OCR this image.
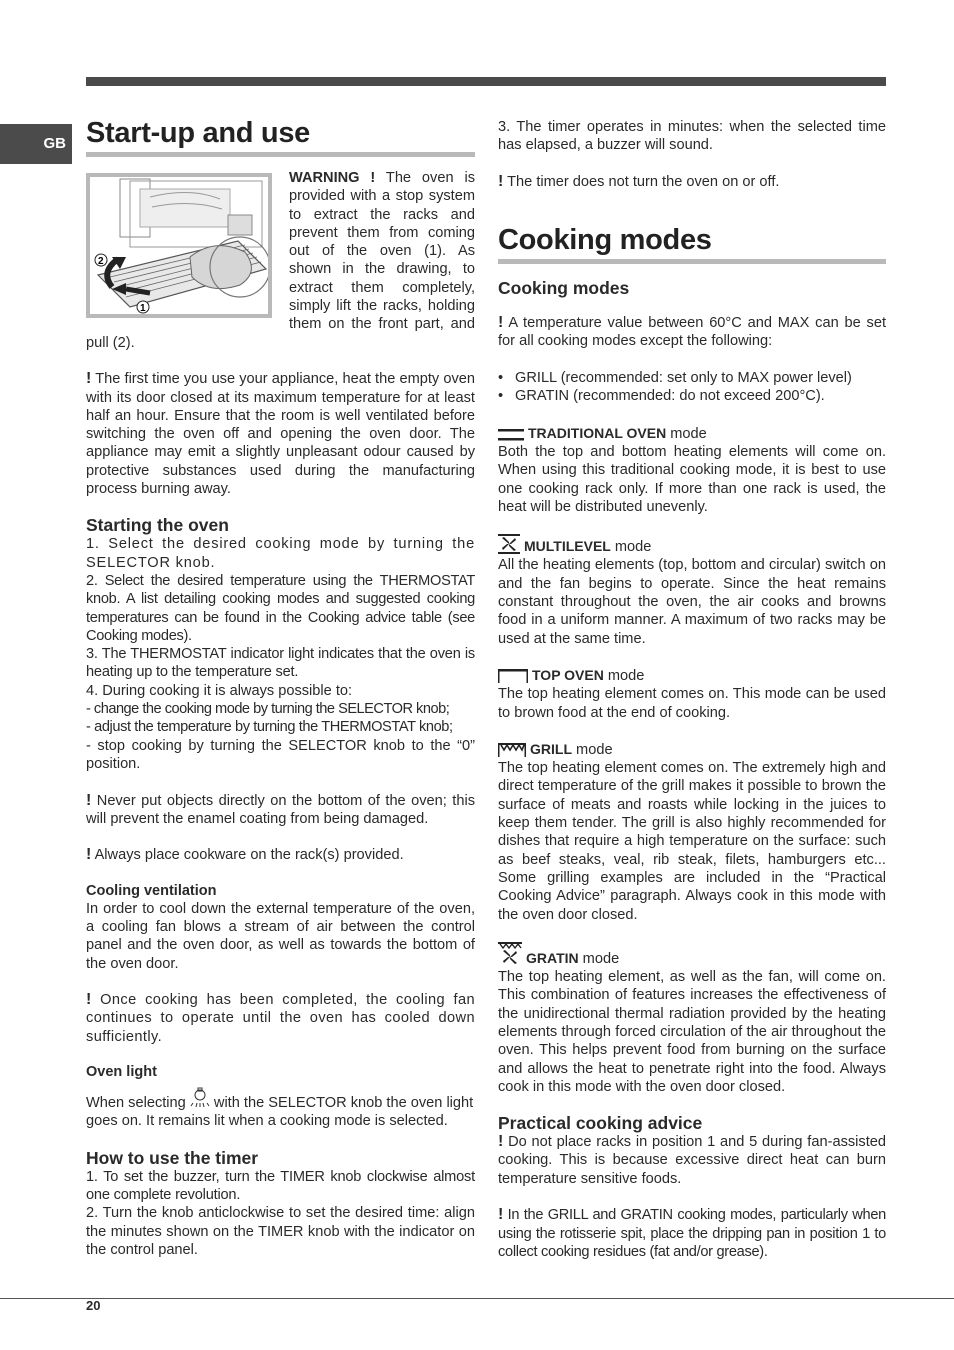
GB Start-up and use
2
1

WARNING ! The oven is provided with a stop system to extract the racks and prevent them from coming out of the oven (1). As shown in the drawing, to extract them completely, simply lift the racks, holding them on the front part, and pull (2).

! The first time you use your appliance, heat the empty oven with its door closed at its maximum temperature for at least half an hour. Ensure that the room is well ventilated before switching the oven off and opening the oven door. The appliance may emit a slightly unpleasant odour caused by protective substances used during the manufacturing process burning away.

Starting the oven

1. Select the desired cooking mode by turning the SELECTOR knob.

2. Select the desired temperature using the THERMOSTAT knob. A list detailing cooking modes and suggested cooking temperatures can be found in the Cooking advice table (see Cooking modes).

3. The THERMOSTAT indicator light indicates that the oven is heating up to the temperature set.

4. During cooking it is always possible to:

- change the cooking mode by turning the SELECTOR knob;

- adjust the temperature by turning the THERMOSTAT knob;

- stop cooking by turning the SELECTOR knob to the “0” position.

! Never put objects directly on the bottom of the oven; this will prevent the enamel coating from being damaged.

! Always place cookware on the rack(s) provided.

Cooling ventilation

In order to cool down the external temperature of the oven, a cooling fan blows a stream of air between the control panel and the oven door, as well as towards the bottom of the oven door.

! Once cooking has been completed, the cooling fan continues to operate until the oven has cooled down sufficiently.

Oven light

When selecting  with the SELECTOR knob the oven light goes on. It remains lit when a cooking mode is selected.

How to use the timer

1. To set the buzzer, turn the TIMER knob clockwise almost one complete revolution.

2. Turn the knob anticlockwise to set the desired time: align the minutes shown on the TIMER knob with the indicator on the control panel.

3. The timer operates in minutes: when the selected time has elapsed, a buzzer will sound.

! The timer does not turn the oven on or off.

Cooking modes
Cooking modes

! A temperature value between 60°C and MAX can be set for all cooking modes except the following:

• GRILL (recommended: set only to MAX power level)
• GRATIN (recommended: do not exceed 200°C).

TRADITIONAL OVEN mode

Both the top and bottom heating elements will come on. When using this traditional cooking mode, it is best to use one cooking rack only. If more than one rack is used, the heat will be distributed unevenly.

MULTILEVEL mode

All the heating elements (top, bottom and circular) switch on and the fan begins to operate. Since the heat remains constant throughout the oven, the air cooks and browns food in a uniform manner. A maximum of two racks may be used at the same time.

TOP OVEN mode

The top heating element comes on. This mode can be used to brown food at the end of cooking.

GRILL mode

The top heating element comes on. The extremely high and direct temperature of the grill makes it possible to brown the surface of meats and roasts while locking in the juices to keep them tender. The grill is also highly recommended for dishes that require a high temperature on the surface: such as beef steaks, veal, rib steak, filets, hamburgers etc... Some grilling examples are included in the “Practical Cooking Advice” paragraph. Always cook in this mode with the oven door closed.

GRATIN mode

The top heating element, as well as the fan, will come on. This combination of features increases the effectiveness of the unidirectional thermal radiation provided by the heating elements through forced circulation of the air throughout the oven. This helps prevent food from burning on the surface and allows the heat to penetrate right into the food. Always cook in this mode with the oven door closed.

Practical cooking advice

! Do not place racks in position 1 and 5 during fan-assisted cooking. This is because excessive direct heat can burn temperature sensitive foods.

! In the GRILL and GRATIN cooking modes, particularly when using the rotisserie spit, place the dripping pan in position 1 to collect cooking residues (fat and/or grease).

20
